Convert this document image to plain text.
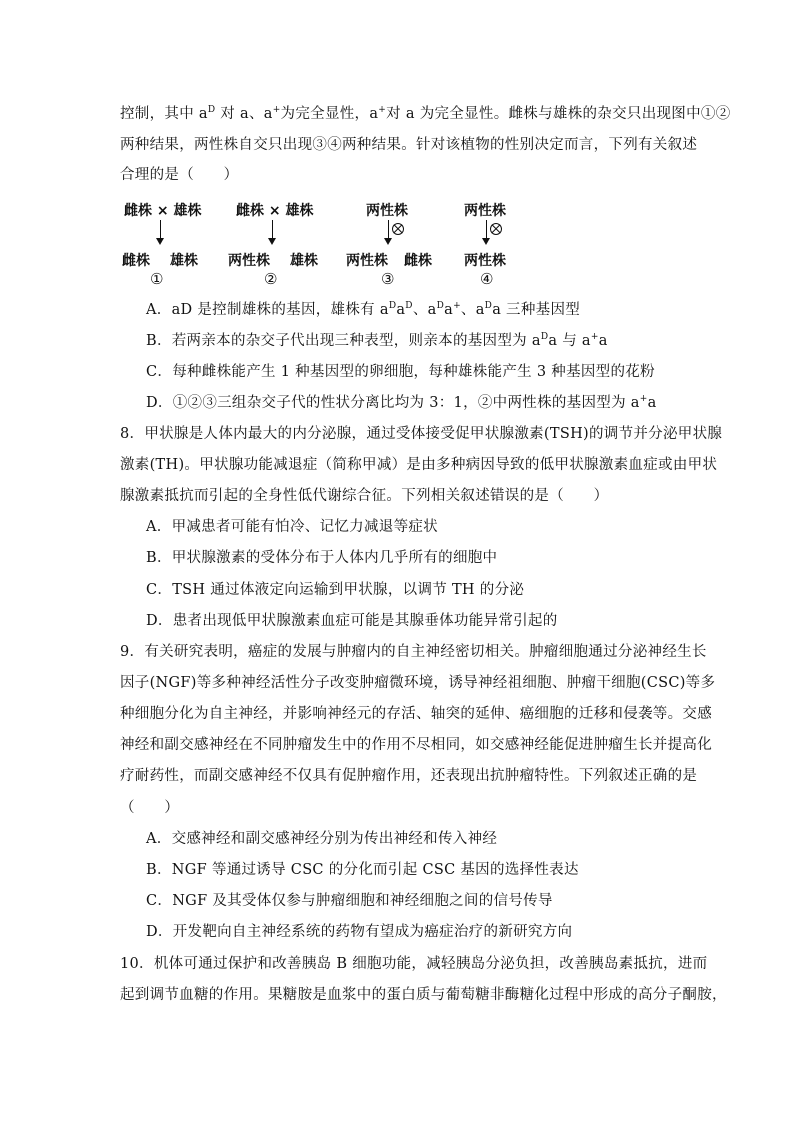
控制，其中 $a^D$ 对 a、a+为完全显性，a+对 a 为完全显性。雌株与雄株的杂交只出现图中①②
两种结果，两性株自交只出现③④两种结果。针对该植物的性别决定而言，下列有关叙述
合理的是（　　）
雌株 × 雄株
雌株 雄株
①
雌株 × 雄株
两性株 雄株
②
两性株
两性株 雌株
③
两性株
两性株
④
A．aD 是控制雄株的基因，雄株有 $a^Da^D$、$a^Da^+$、$a^Da$ 三种基因型
B．若两亲本的杂交子代出现三种表型，则亲本的基因型为 $a^Da$ 与 a+a
C．每种雌株能产生 1 种基因型的卵细胞，每种雄株能产生 3 种基因型的花粉
D．①②③三组杂交子代的性状分离比均为 3：1，②中两性株的基因型为 a+a
8．甲状腺是人体内最大的内分泌腺，通过受体接受促甲状腺激素(TSH)的调节并分泌甲状腺
激素(TH)。甲状腺功能减退症（简称甲减）是由多种病因导致的低甲状腺激素血症或由甲状
腺激素抵抗而引起的全身性低代谢综合征。下列相关叙述错误的是（　　）
A．甲减患者可能有怕冷、记忆力减退等症状
B．甲状腺激素的受体分布于人体内几乎所有的细胞中
C．TSH 通过体液定向运输到甲状腺，以调节 TH 的分泌
D．患者出现低甲状腺激素血症可能是其腺垂体功能异常引起的
9．有关研究表明，癌症的发展与肿瘤内的自主神经密切相关。肿瘤细胞通过分泌神经生长
因子(NGF)等多种神经活性分子改变肿瘤微环境，诱导神经祖细胞、肿瘤干细胞(CSC)等多
种细胞分化为自主神经，并影响神经元的存活、轴突的延伸、癌细胞的迁移和侵袭等。交感
神经和副交感神经在不同肿瘤发生中的作用不尽相同，如交感神经能促进肿瘤生长并提高化
疗耐药性，而副交感神经不仅具有促肿瘤作用，还表现出抗肿瘤特性。下列叙述正确的是
（　　）
A．交感神经和副交感神经分别为传出神经和传入神经
B．NGF 等通过诱导 CSC 的分化而引起 CSC 基因的选择性表达
C．NGF 及其受体仅参与肿瘤细胞和神经细胞之间的信号传导
D．开发靶向自主神经系统的药物有望成为癌症治疗的新研究方向
10．机体可通过保护和改善胰岛 B 细胞功能，减轻胰岛分泌负担，改善胰岛素抵抗，进而
起到调节血糖的作用。果糖胺是血浆中的蛋白质与葡萄糖非酶糖化过程中形成的高分子酮胺，
